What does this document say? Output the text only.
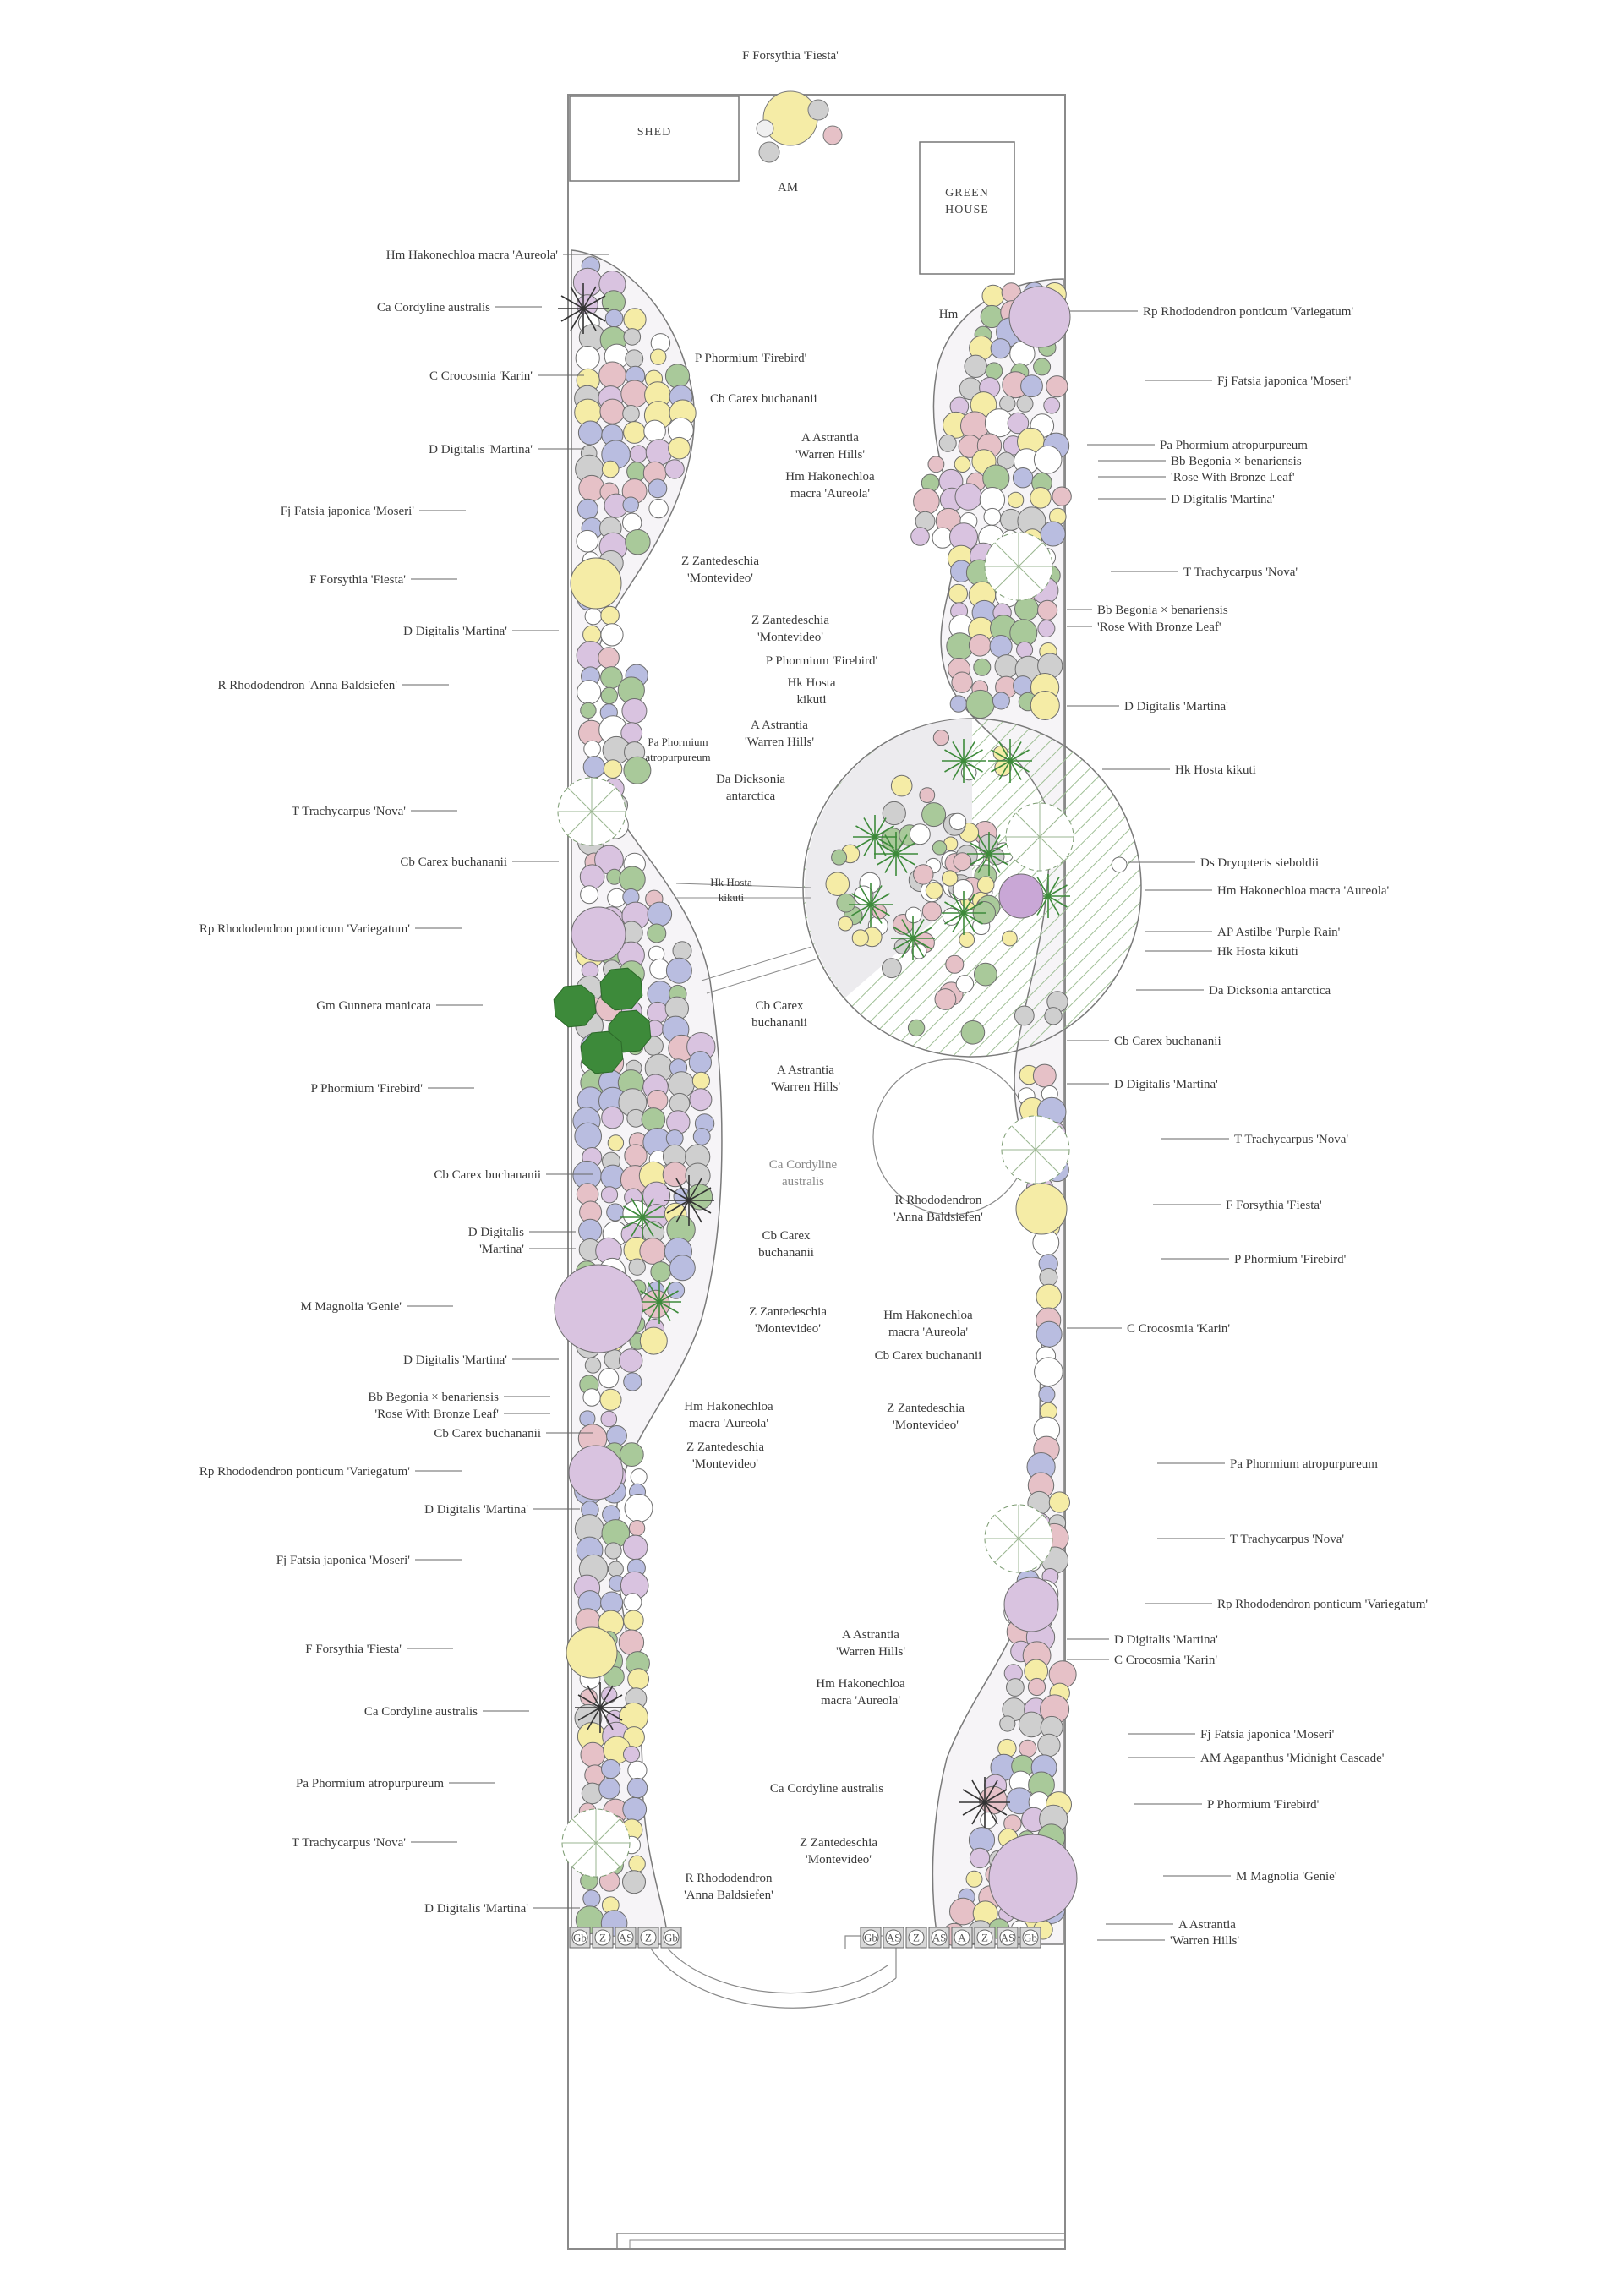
SHED
GREEN
HOUSE
Hm Hakonechloa macra 'Aureola'
Ca Cordyline australis
C Crocosmia 'Karin'
D Digitalis 'Martina'
Fj Fatsia japonica 'Moseri'
F Forsythia 'Fiesta'
D Digitalis 'Martina'
R Rhododendron 'Anna Baldsiefen'
T Trachycarpus 'Nova'
Cb Carex buchananii
Rp Rhododendron ponticum 'Variegatum'
Gm Gunnera manicata
P Phormium 'Firebird'
Cb Carex buchananii
D Digitalis
'Martina'
M Magnolia 'Genie'
D Digitalis 'Martina'
Bb Begonia × benariensis
'Rose With Bronze Leaf'
Cb Carex buchananii
Rp Rhododendron ponticum 'Variegatum'
D Digitalis 'Martina'
Fj Fatsia japonica 'Moseri'
F Forsythia 'Fiesta'
Ca Cordyline australis
Pa Phormium atropurpureum
T Trachycarpus 'Nova'
D Digitalis 'Martina'
Rp Rhododendron ponticum 'Variegatum'
Fj Fatsia japonica 'Moseri'
Pa Phormium atropurpureum
Bb Begonia × benariensis
'Rose With Bronze Leaf'
D Digitalis 'Martina'
T Trachycarpus 'Nova'
Bb Begonia × benariensis
'Rose With Bronze Leaf'
D Digitalis 'Martina'
Hk Hosta kikuti
Ds Dryopteris sieboldii
Hm Hakonechloa macra 'Aureola'
AP Astilbe 'Purple Rain'
Hk Hosta kikuti
Da Dicksonia antarctica
Cb Carex buchananii
D Digitalis 'Martina'
T Trachycarpus 'Nova'
F Forsythia 'Fiesta'
P Phormium 'Firebird'
C Crocosmia 'Karin'
Pa Phormium atropurpureum
T Trachycarpus 'Nova'
Rp Rhododendron ponticum 'Variegatum'
D Digitalis 'Martina'
C Crocosmia 'Karin'
Fj Fatsia japonica 'Moseri'
AM Agapanthus 'Midnight Cascade'
P Phormium 'Firebird'
M Magnolia 'Genie'
A Astrantia
'Warren Hills'
F Forsythia 'Fiesta'
AM
P Phormium 'Firebird'
Cb Carex buchananii
A Astrantia
'Warren Hills'
Hm Hakonechloa
macra 'Aureola'
Hm
Z Zantedeschia
'Montevideo'
Z Zantedeschia
'Montevideo'
P Phormium 'Firebird'
Hk Hosta
kikuti
A Astrantia
'Warren Hills'
Pa Phormium
atropurpureum
Da Dicksonia
antarctica
Hk Hosta
kikuti
Cb Carex
buchananii
A Astrantia
'Warren Hills'
Ca Cordyline
australis
R Rhododendron
'Anna Baldsiefen'
Cb Carex
buchananii
Z Zantedeschia
'Montevideo'
Hm Hakonechloa
macra 'Aureola'
Cb Carex buchananii
Hm Hakonechloa
macra 'Aureola'
Z Zantedeschia
'Montevideo'
Z Zantedeschia
'Montevideo'
A Astrantia
'Warren Hills'
Hm Hakonechloa
macra 'Aureola'
Ca Cordyline australis
Z Zantedeschia
'Montevideo'
R Rhododendron
'Anna Baldsiefen'
Gb Z AS Z Gb	Gb AS Z AS A Z AS Gb
